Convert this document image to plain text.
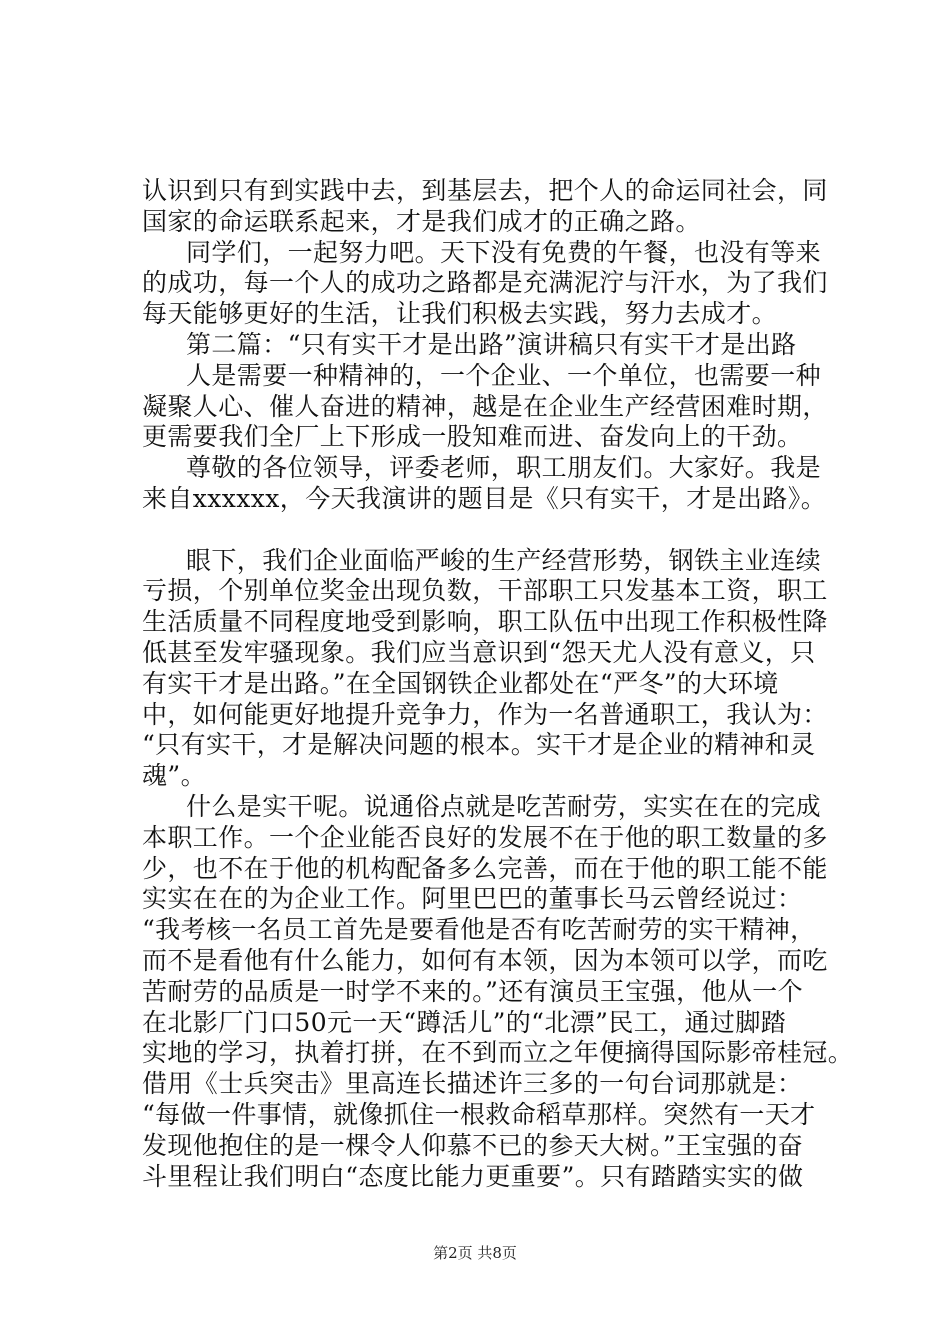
认识到只有到实践中去，到基层去，把个人的命运同社会，同
国家的命运联系起来，才是我们成才的正确之路。
同学们，一起努力吧。天下没有免费的午餐，也没有等来
的成功，每一个人的成功之路都是充满泥泞与汗水，为了我们
每天能够更好的生活，让我们积极去实践，努力去成才。
第二篇：“只有实干才是出路”演讲稿只有实干才是出路
人是需要一种精神的，一个企业、一个单位，也需要一种
凝聚人心、催人奋进的精神，越是在企业生产经营困难时期，
更需要我们全厂上下形成一股知难而进、奋发向上的干劲。
尊敬的各位领导，评委老师，职工朋友们。大家好。我是
来自xxxxxx，今天我演讲的题目是《只有实干，才是出路》。
眼下，我们企业面临严峻的生产经营形势，钢铁主业连续
亏损，个别单位奖金出现负数，干部职工只发基本工资，职工
生活质量不同程度地受到影响，职工队伍中出现工作积极性降
低甚至发牢骚现象。我们应当意识到“怨天尤人没有意义，只
有实干才是出路。”在全国钢铁企业都处在“严冬”的大环境
中，如何能更好地提升竞争力，作为一名普通职工，我认为：
“只有实干，才是解决问题的根本。实干才是企业的精神和灵
魂”。
什么是实干呢。说通俗点就是吃苦耐劳，实实在在的完成
本职工作。一个企业能否良好的发展不在于他的职工数量的多
少，也不在于他的机构配备多么完善，而在于他的职工能不能
实实在在的为企业工作。阿里巴巴的董事长马云曾经说过：
“我考核一名员工首先是要看他是否有吃苦耐劳的实干精神，
而不是看他有什么能力，如何有本领，因为本领可以学，而吃
苦耐劳的品质是一时学不来的。”还有演员王宝强，他从一个
在北影厂门口50元一天“蹲活儿”的“北漂”民工，通过脚踏
实地的学习，执着打拼，在不到而立之年便摘得国际影帝桂冠。
借用《士兵突击》里高连长描述许三多的一句台词那就是：
“每做一件事情，就像抓住一根救命稻草那样。突然有一天才
发现他抱住的是一棵令人仰慕不已的参天大树。”王宝强的奋
斗里程让我们明白“态度比能力更重要”。只有踏踏实实的做
第2页 共8页
